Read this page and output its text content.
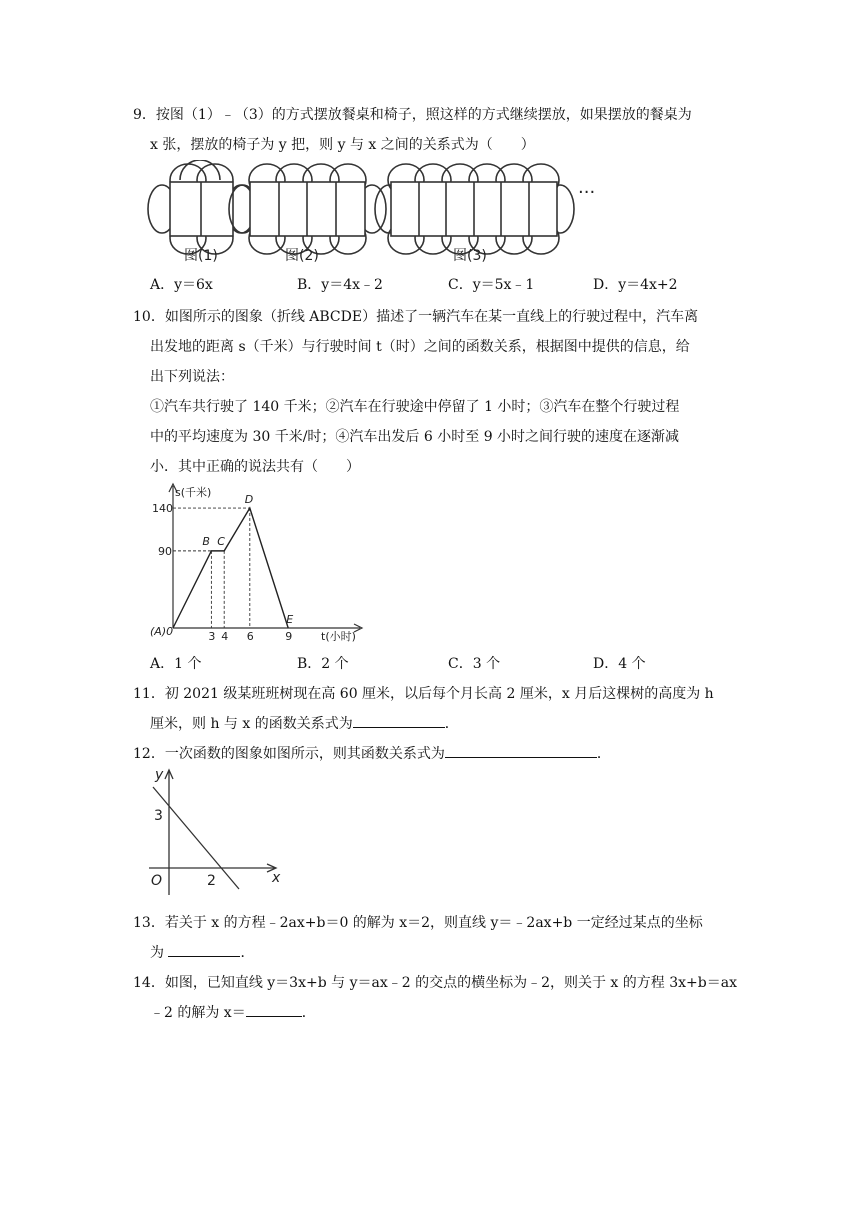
9．按图（1）﹣（3）的方式摆放餐桌和椅子，照这样的方式继续摆放，如果摆放的餐桌为
x 张，摆放的椅子为 y 把，则 y 与 x 之间的关系式为（　　）
图(1)	图(2)	图(3)
···
A．y＝6x	B．y＝4x﹣2	C．y＝5x﹣1	D．y＝4x+2
10．如图所示的图象（折线 ABCDE）描述了一辆汽车在某一直线上的行驶过程中，汽车离
出发地的距离 s（千米）与行驶时间 t（时）之间的函数关系，根据图中提供的信息，给
出下列说法：
①汽车共行驶了 140 千米；②汽车在行驶途中停留了 1 小时；③汽车在整个行驶过程
中的平均速度为 30 千米/时；④汽车出发后 6 小时至 9 小时之间行驶的速度在逐渐减
小．其中正确的说法共有（　　）
140
90
3 4 6	9
B C
D
E
s(千米)
t(小时)
(A)0
A．1 个	B．2 个	C．3 个	D．4 个
11．初 2021 级某班班树现在高 60 厘米，以后每个月长高 2 厘米，x 月后这棵树的高度为 h
厘米，则 h 与 x 的函数关系式为	．
12．一次函数的图象如图所示，则其函数关系式为	．
y
x
O
3
2
13．若关于 x 的方程﹣2ax+b＝0 的解为 x＝2，则直线 y＝﹣2ax+b 一定经过某点的坐标
为	．
14．如图，已知直线 y＝3x+b 与 y＝ax﹣2 的交点的横坐标为﹣2，则关于 x 的方程 3x+b＝ax
﹣2 的解为 x＝	．
